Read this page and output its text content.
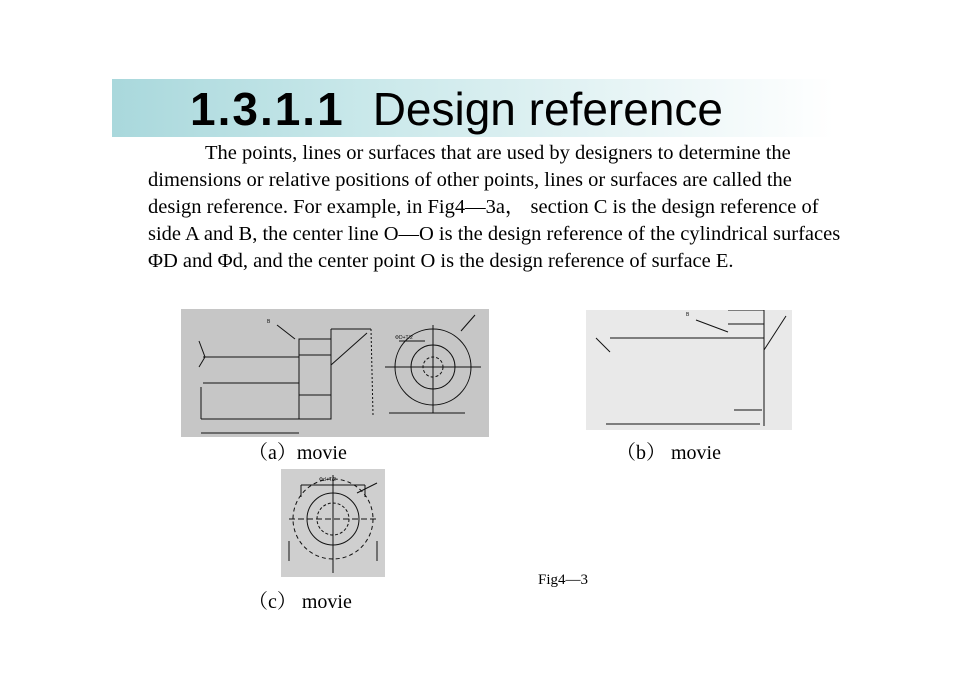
1.3.1.1 Design reference

The points, lines or surfaces that are used by designers to determine the dimensions or relative positions of other points, lines or surfaces are called the design reference. For example, in Fig4—3a， section C is the design reference of side A and B, the center line O—O is the design reference of the cylindrical surfaces ΦD and Φd, and the center point O is the design reference of surface E.

B
ΦD+T/2
（a）movie
B
（b） movie
Φd+T/2
（c） movie
Fig4—3
